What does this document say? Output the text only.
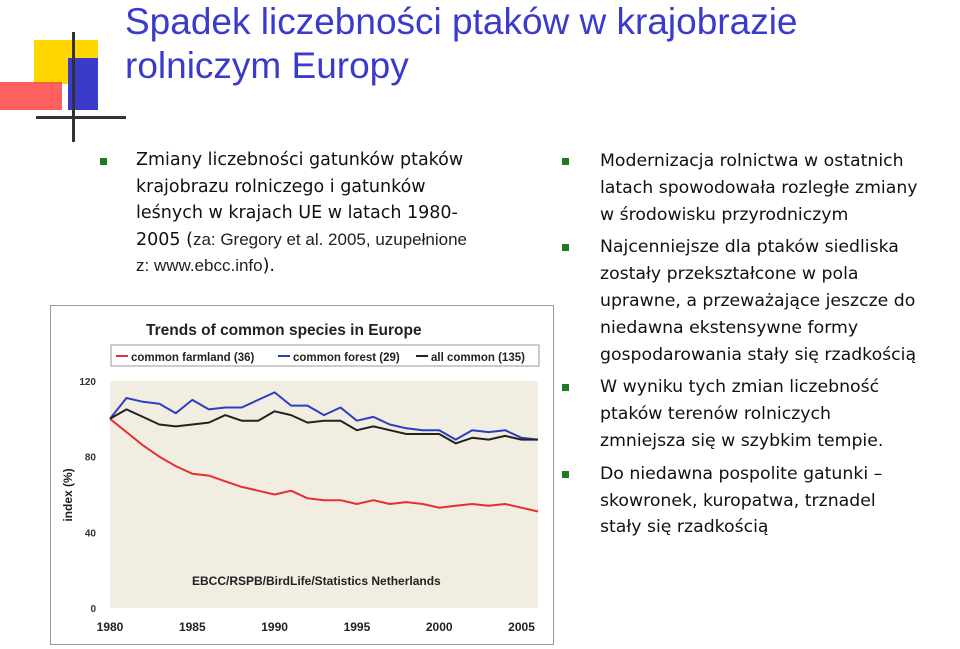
Spadek liczebności ptaków w krajobrazie
rolniczym Europy
Zmiany liczebności gatunków ptaków
krajobrazu rolniczego i gatunków
leśnych w krajach UE w latach 1980-
2005 (za: Gregory et al. 2005, uzupełnione
z: www.ebcc.info).
Modernizacja rolnictwa w ostatnich
latach spowodowała rozległe zmiany
w środowisku przyrodniczym
Najcenniejsze dla ptaków siedliska
zostały przekształcone w pola
uprawne, a przeważające jeszcze do
niedawna ekstensywne formy
gospodarowania stały się rzadkością
W wyniku tych zmian liczebność
ptaków terenów rolniczych
zmniejsza się w szybkim tempie.
Do niedawna pospolite gatunki –
skowronek, kuropatwa, trznadel
stały się rzadkością
Trends of common species in Europe
common farmland (36)	common forest (29)	all common (135)
index (%)
0
40
80
120
1980	1985	1990	1995	2000	2005
EBCC/RSPB/BirdLife/Statistics Netherlands
